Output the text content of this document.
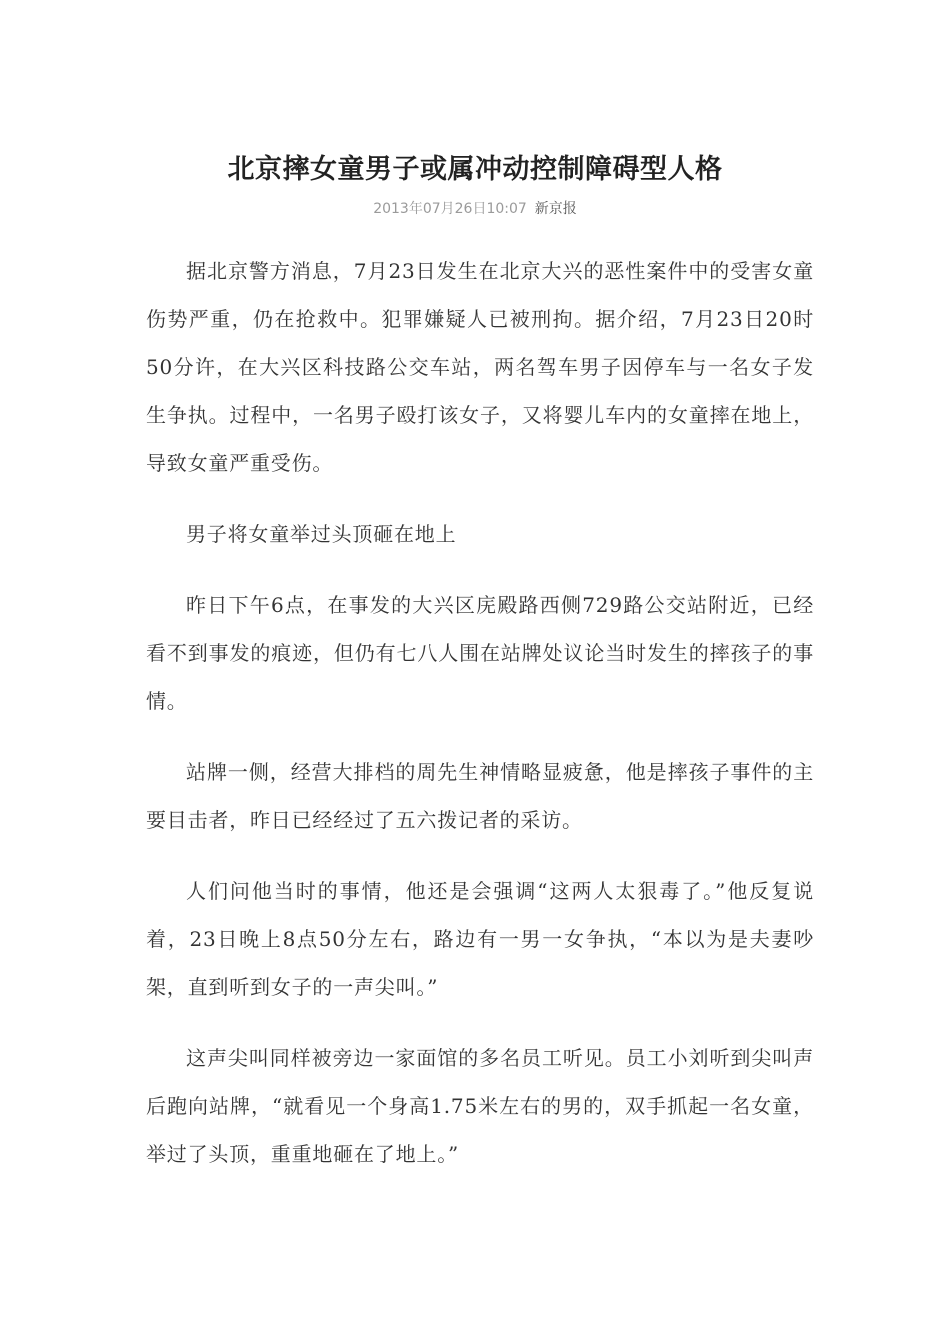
北京摔女童男子或属冲动控制障碍型人格
2013年07月26日10:07 新京报

据北京警方消息，7月23日发生在北京大兴的恶性案件中的受害女童伤势严重，仍在抢救中。犯罪嫌疑人已被刑拘。据介绍，7月23日20时50分许，在大兴区科技路公交车站，两名驾车男子因停车与一名女子发生争执。过程中，一名男子殴打该女子，又将婴儿车内的女童摔在地上，导致女童严重受伤。

男子将女童举过头顶砸在地上

昨日下午6点，在事发的大兴区庑殿路西侧729路公交站附近，已经看不到事发的痕迹，但仍有七八人围在站牌处议论当时发生的摔孩子的事情。

站牌一侧，经营大排档的周先生神情略显疲惫，他是摔孩子事件的主要目击者，昨日已经经过了五六拨记者的采访。

人们问他当时的事情，他还是会强调“这两人太狠毒了。”他反复说着，23日晚上8点50分左右，路边有一男一女争执，“本以为是夫妻吵架，直到听到女子的一声尖叫。”

这声尖叫同样被旁边一家面馆的多名员工听见。员工小刘听到尖叫声后跑向站牌，“就看见一个身高1.75米左右的男的，双手抓起一名女童，举过了头顶，重重地砸在了地上。”
